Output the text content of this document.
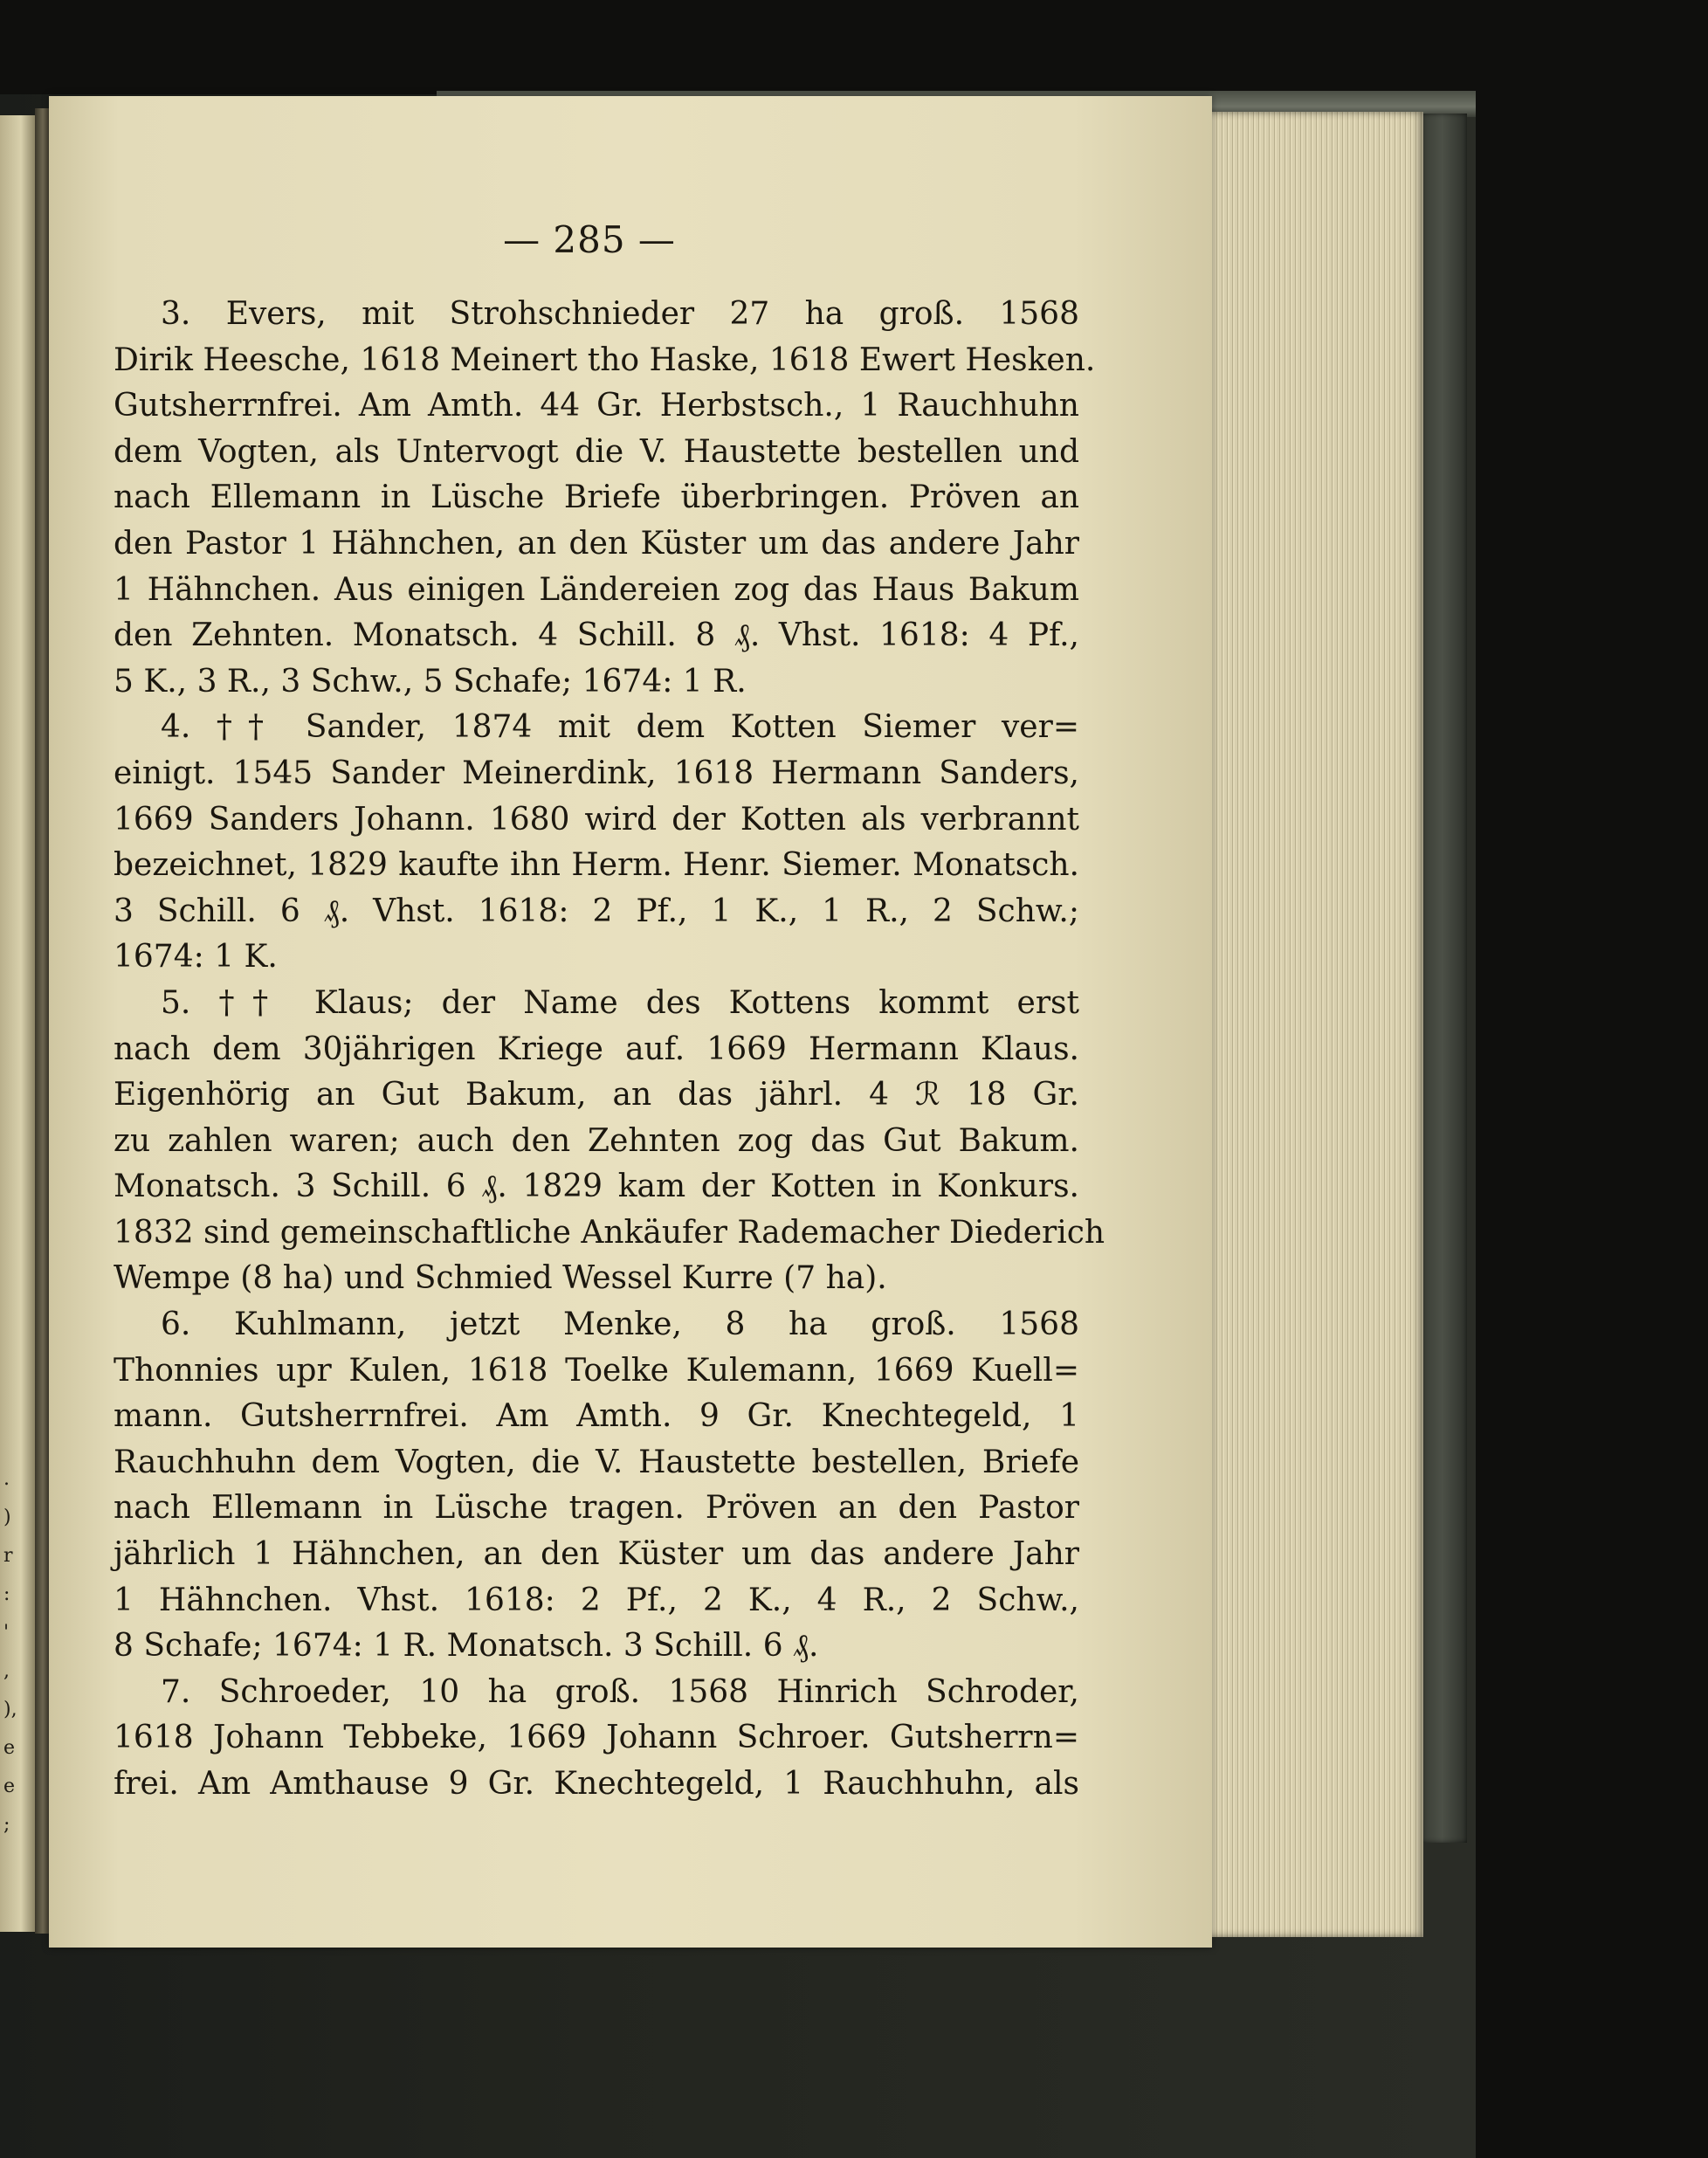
.
)
r
:
'
,
),
e
e
;
— 285 —
3. Evers, mit Strohschnieder 27 ha groß. 1568
Dirik Heesche, 1618 Meinert tho Haske, 1618 Ewert Hesken.
Gutsherrnfrei. Am Amth. 44 Gr. Herbstsch., 1 Rauchhuhn
dem Vogten, als Untervogt die V. Haustette bestellen und
nach Ellemann in Lüsche Briefe überbringen. Pröven an
den Pastor 1 Hähnchen, an den Küster um das andere Jahr
1 Hähnchen. Aus einigen Ländereien zog das Haus Bakum
den Zehnten. Monatsch. 4 Schill. 8 ₰. Vhst. 1618: 4 Pf.,
5 K., 3 R., 3 Schw., 5 Schafe; 1674: 1 R.
4. †† Sander, 1874 mit dem Kotten Siemer ver=
einigt. 1545 Sander Meinerdink, 1618 Hermann Sanders,
1669 Sanders Johann. 1680 wird der Kotten als verbrannt
bezeichnet, 1829 kaufte ihn Herm. Henr. Siemer. Monatsch.
3 Schill. 6 ₰. Vhst. 1618: 2 Pf., 1 K., 1 R., 2 Schw.;
1674: 1 K.
5. †† Klaus; der Name des Kottens kommt erst
nach dem 30jährigen Kriege auf. 1669 Hermann Klaus.
Eigenhörig an Gut Bakum, an das jährl. 4 ℛ 18 Gr.
zu zahlen waren; auch den Zehnten zog das Gut Bakum.
Monatsch. 3 Schill. 6 ₰. 1829 kam der Kotten in Konkurs.
1832 sind gemeinschaftliche Ankäufer Rademacher Diederich
Wempe (8 ha) und Schmied Wessel Kurre (7 ha).
6. Kuhlmann, jetzt Menke, 8 ha groß. 1568
Thonnies upr Kulen, 1618 Toelke Kulemann, 1669 Kuell=
mann. Gutsherrnfrei. Am Amth. 9 Gr. Knechtegeld, 1
Rauchhuhn dem Vogten, die V. Haustette bestellen, Briefe
nach Ellemann in Lüsche tragen. Pröven an den Pastor
jährlich 1 Hähnchen, an den Küster um das andere Jahr
1 Hähnchen. Vhst. 1618: 2 Pf., 2 K., 4 R., 2 Schw.,
8 Schafe; 1674: 1 R. Monatsch. 3 Schill. 6 ₰.
7. Schroeder, 10 ha groß. 1568 Hinrich Schroder,
1618 Johann Tebbeke, 1669 Johann Schroer. Gutsherrn=
frei. Am Amthause 9 Gr. Knechtegeld, 1 Rauchhuhn, als
